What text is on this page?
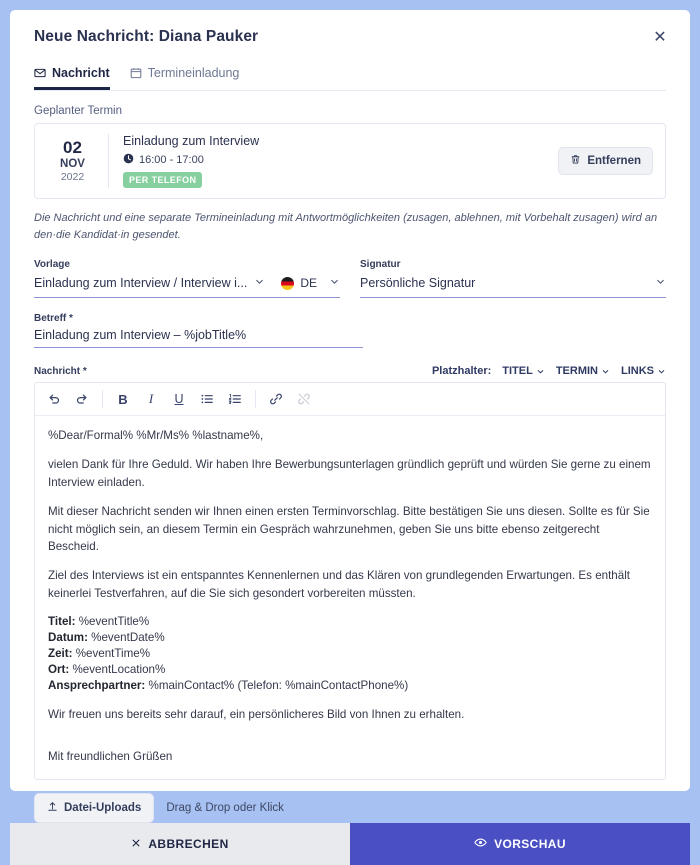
Neue Nachricht: Diana Pauker	✕
Nachricht	Termineinladung
Geplanter Termin
02
NOV
2022
Einladung zum Interview
16:00 - 17:00
PER TELEFON
Entfernen
Die Nachricht und eine separate Termineinladung mit Antwortmöglichkeiten (zusagen, ablehnen, mit Vorbehalt zusagen) wird an den·die Kandidat·in gesendet.
Vorlage
Einladung zum Interview / Interview i...	DE
Signatur
Persönliche Signatur
Betreff *
Einladung zum Interview – %jobTitle%
Nachricht *	Platzhalter: TITEL TERMIN LINKS
B I U

%Dear/Formal% %Mr/Ms% %lastname%,

vielen Dank für Ihre Geduld. Wir haben Ihre Bewerbungsunterlagen gründlich geprüft und würden Sie gerne zu einem Interview einladen.

Mit dieser Nachricht senden wir Ihnen einen ersten Terminvorschlag. Bitte bestätigen Sie uns diesen. Sollte es für Sie nicht möglich sein, an diesem Termin ein Gespräch wahrzunehmen, geben Sie uns bitte ebenso zeitgerecht Bescheid.

Ziel des Interviews ist ein entspanntes Kennenlernen und das Klären von grundlegenden Erwartungen. Es enthält keinerlei Testverfahren, auf die Sie sich gesondert vorbereiten müssten.

Titel: %eventTitle%
Datum: %eventDate%
Zeit: %eventTime%
Ort: %eventLocation%
Ansprechpartner: %mainContact% (Telefon: %mainContactPhone%)

Wir freuen uns bereits sehr darauf, ein persönlicheres Bild von Ihnen zu erhalten.

Mit freundlichen Grüßen

Datei-Uploads Drag & Drop oder Klick
ABBRECHEN	VORSCHAU
